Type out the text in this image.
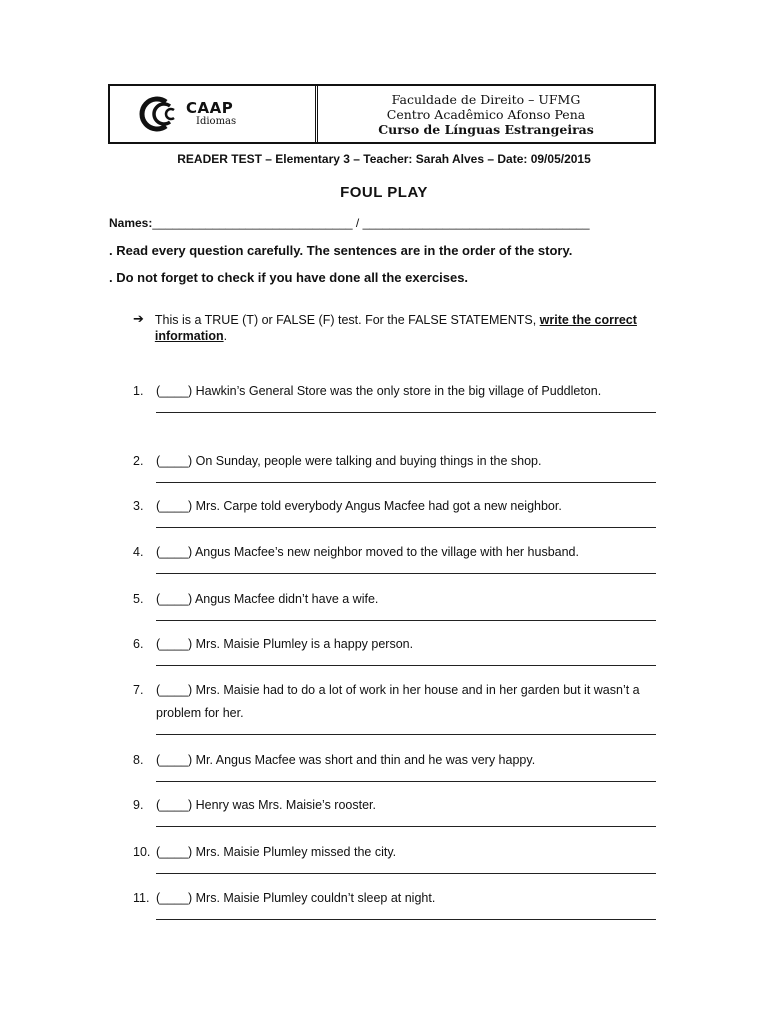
CAAP
Idiomas
Faculdade de Direito – UFMG
Centro Acadêmico Afonso Pena
Curso de Línguas Estrangeiras
READER TEST – Elementary 3 – Teacher: Sarah Alves – Date: 09/05/2015
FOUL PLAY
Names:______________________________ / __________________________________
. Read every question carefully. The sentences are in the order of the story.
. Do not forget to check if you have done all the exercises.
➔ This is a TRUE (T) or FALSE (F) test. For the FALSE STATEMENTS, write the correct information.
1.	(____) Hawkin’s General Store was the only store in the big village of Puddleton.
2.	(____) On Sunday, people were talking and buying things in the shop.
3.	(____) Mrs. Carpe told everybody Angus Macfee had got a new neighbor.
4.	(____) Angus Macfee’s new neighbor moved to the village with her husband.
5.	(____) Angus Macfee didn’t have a wife.
6.	(____) Mrs. Maisie Plumley is a happy person.
7.	(____) Mrs. Maisie had to do a lot of work in her house and in her garden but it wasn’t a problem for her.
8.	(____) Mr. Angus Macfee was short and thin and he was very happy.
9.	(____) Henry was Mrs. Maisie’s rooster.
10. (____) Mrs. Maisie Plumley missed the city.
11. (____) Mrs. Maisie Plumley couldn’t sleep at night.
